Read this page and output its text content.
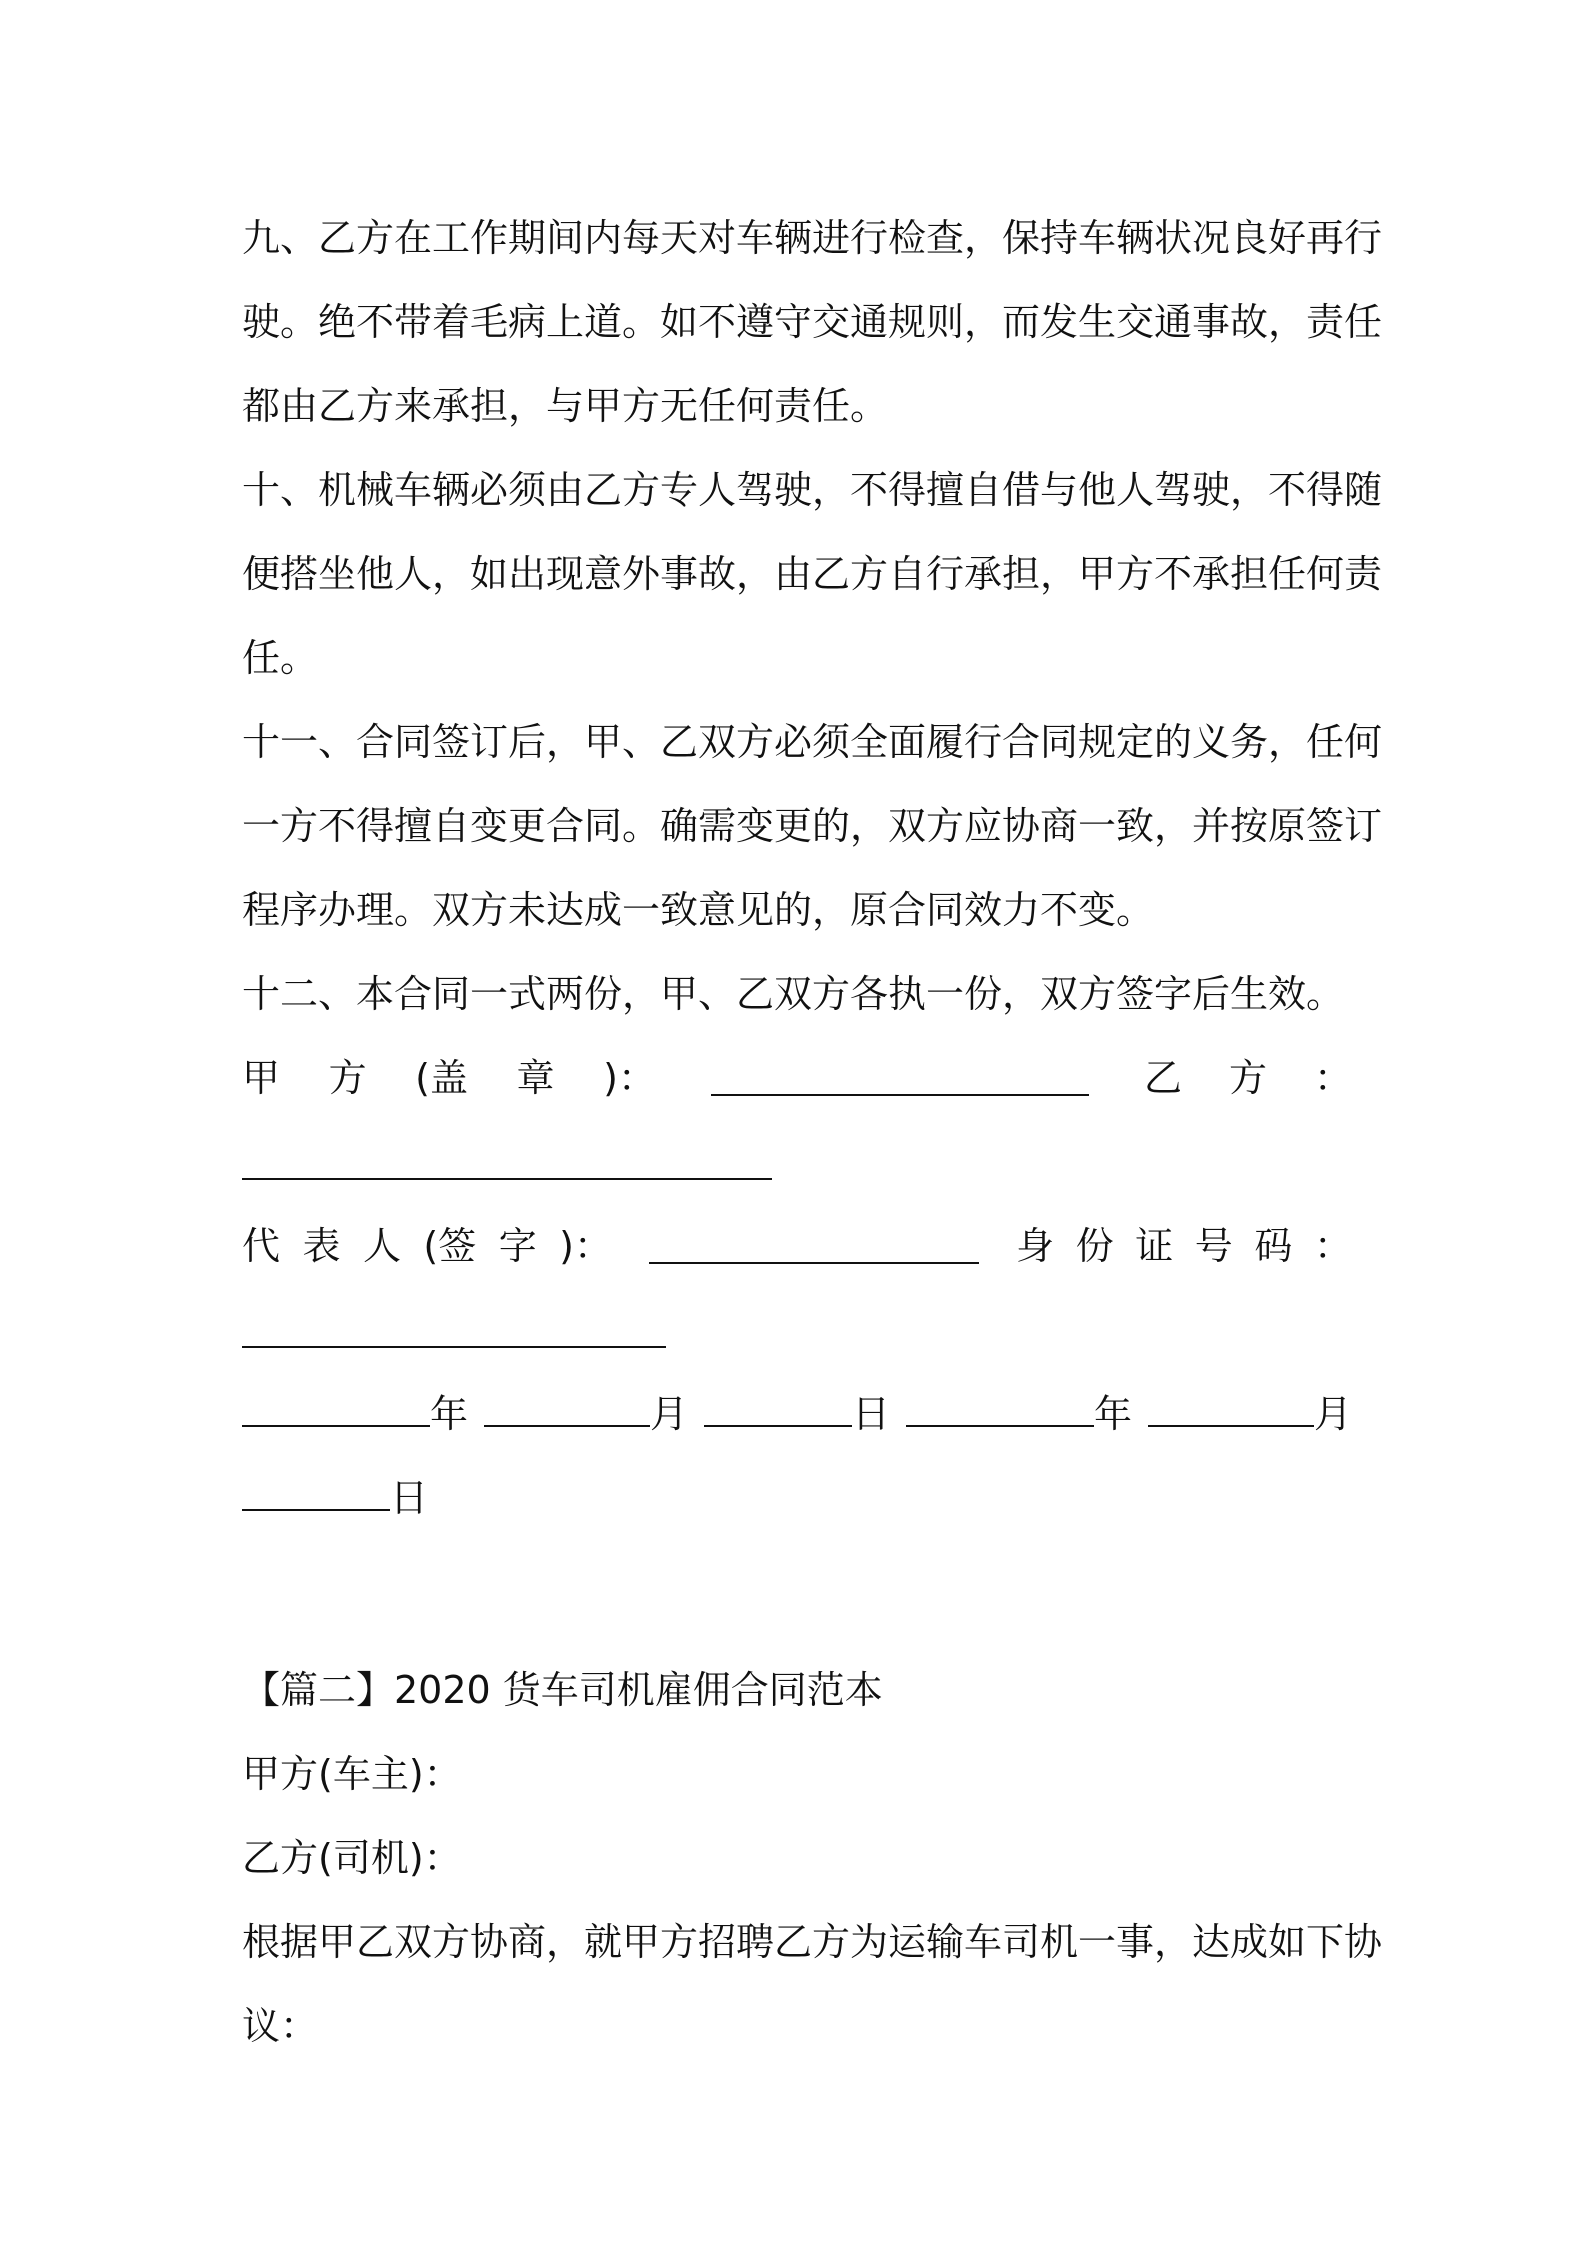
九、乙方在工作期间内每天对车辆进行检查，保持车辆状况良好再行
驶。绝不带着毛病上道。如不遵守交通规则，而发生交通事故，责任
都由乙方来承担，与甲方无任何责任。

十、机械车辆必须由乙方专人驾驶，不得擅自借与他人驾驶，不得随
便搭坐他人，如出现意外事故，由乙方自行承担，甲方不承担任何责
任。

十一、合同签订后，甲、乙双方必须全面履行合同规定的义务，任何
一方不得擅自变更合同。确需变更的，双方应协商一致，并按原签订
程序办理。双方未达成一致意见的，原合同效力不变。

十二、本合同一式两份，甲、乙双方各执一份，双方签字后生效。

甲 方 (盖 章 )：	乙 方 ：
代 表 人 (签 字 )：	身 份 证 号 码 ：
年	月	日	年	月
日
【篇二】2020 货车司机雇佣合同范本
甲方(车主)：
乙方(司机)：
根据甲乙双方协商，就甲方招聘乙方为运输车司机一事，达成如下协
议：
